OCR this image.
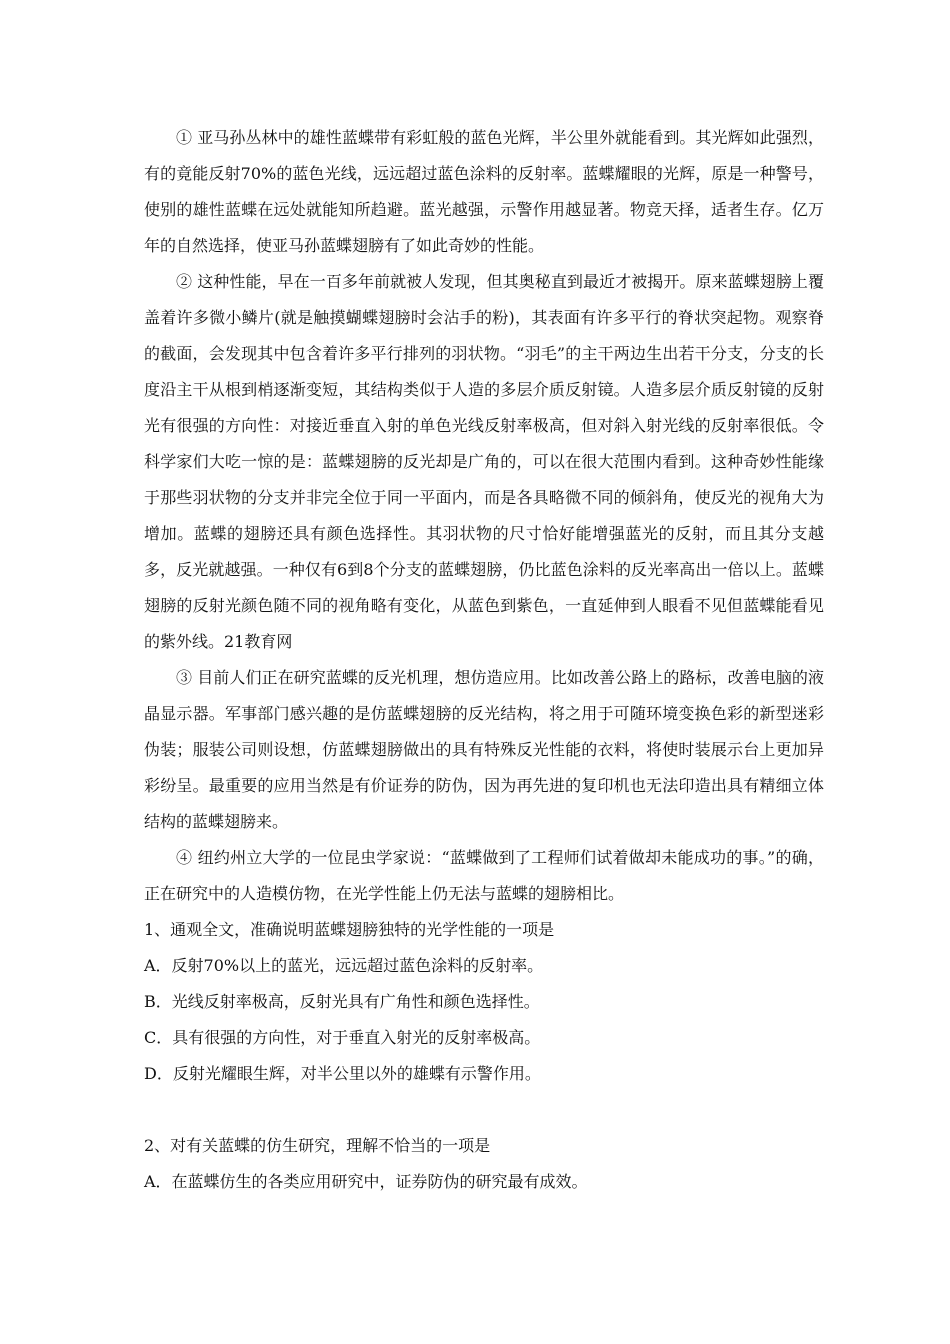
① 亚马孙丛林中的雄性蓝蝶带有彩虹般的蓝色光辉，半公里外就能看到。其光辉如此强烈，有的竟能反射70%的蓝色光线，远远超过蓝色涂料的反射率。蓝蝶耀眼的光辉，原是一种警号，使别的雄性蓝蝶在远处就能知所趋避。蓝光越强，示警作用越显著。物竞天择，适者生存。亿万年的自然选择，使亚马孙蓝蝶翅膀有了如此奇妙的性能。

② 这种性能，早在一百多年前就被人发现，但其奥秘直到最近才被揭开。原来蓝蝶翅膀上覆盖着许多微小鳞片(就是触摸蝴蝶翅膀时会沾手的粉)，其表面有许多平行的脊状突起物。观察脊的截面，会发现其中包含着许多平行排列的羽状物。“羽毛”的主干两边生出若干分支，分支的长度沿主干从根到梢逐渐变短，其结构类似于人造的多层介质反射镜。人造多层介质反射镜的反射光有很强的方向性：对接近垂直入射的单色光线反射率极高，但对斜入射光线的反射率很低。令科学家们大吃一惊的是：蓝蝶翅膀的反光却是广角的，可以在很大范围内看到。这种奇妙性能缘于那些羽状物的分支并非完全位于同一平面内，而是各具略微不同的倾斜角，使反光的视角大为增加。蓝蝶的翅膀还具有颜色选择性。其羽状物的尺寸恰好能增强蓝光的反射，而且其分支越多，反光就越强。一种仅有6到8个分支的蓝蝶翅膀，仍比蓝色涂料的反光率高出一倍以上。蓝蝶翅膀的反射光颜色随不同的视角略有变化，从蓝色到紫色，一直延伸到人眼看不见但蓝蝶能看见的紫外线。21教育网

③ 目前人们正在研究蓝蝶的反光机理，想仿造应用。比如改善公路上的路标，改善电脑的液晶显示器。军事部门感兴趣的是仿蓝蝶翅膀的反光结构，将之用于可随环境变换色彩的新型迷彩伪装；服装公司则设想，仿蓝蝶翅膀做出的具有特殊反光性能的衣料，将使时装展示台上更加异彩纷呈。最重要的应用当然是有价证券的防伪，因为再先进的复印机也无法印造出具有精细立体结构的蓝蝶翅膀来。

④ 纽约州立大学的一位昆虫学家说：“蓝蝶做到了工程师们试着做却未能成功的事。”的确，正在研究中的人造模仿物，在光学性能上仍无法与蓝蝶的翅膀相比。

1、通观全文，准确说明蓝蝶翅膀独特的光学性能的一项是

A．反射70%以上的蓝光，远远超过蓝色涂料的反射率。

B．光线反射率极高，反射光具有广角性和颜色选择性。

C．具有很强的方向性，对于垂直入射光的反射率极高。

D．反射光耀眼生辉，对半公里以外的雄蝶有示警作用。

2、对有关蓝蝶的仿生研究，理解不恰当的一项是

A．在蓝蝶仿生的各类应用研究中，证券防伪的研究最有成效。
